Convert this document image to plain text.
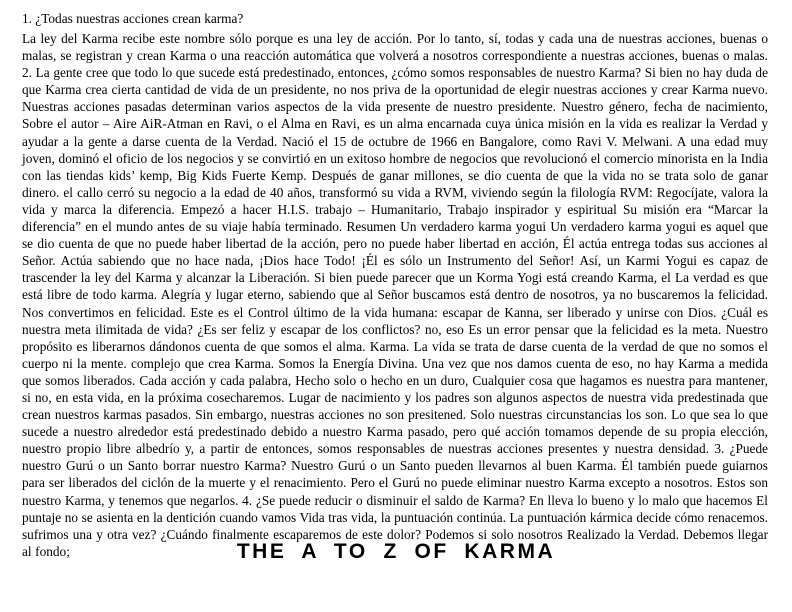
1. ¿Todas nuestras acciones crean karma?

La ley del Karma recibe este nombre sólo porque es una ley de acción. Por lo tanto, sí, todas y cada una de nuestras acciones, buenas o malas, se registran y crean Karma o una reacción automática que volverá a nosotros correspondiente a nuestras acciones, buenas o malas. 2. La gente cree que todo lo que sucede está predestinado, entonces, ¿cómo somos responsables de nuestro Karma? Si bien no hay duda de que Karma crea cierta cantidad de vida de un presidente, no nos priva de la oportunidad de elegir nuestras acciones y crear Karma nuevo. Nuestras acciones pasadas determinan varios aspectos de la vida presente de nuestro presidente. Nuestro género, fecha de nacimiento, Sobre el autor – Aire AiR-Atman en Ravi, o el Alma en Ravi, es un alma encarnada cuya única misión en la vida es realizar la Verdad y ayudar a la gente a darse cuenta de la Verdad. Nació el 15 de octubre de 1966 en Bangalore, como Ravi V. Melwani. A una edad muy joven, dominó el oficio de los negocios y se convirtió en un exitoso hombre de negocios que revolucionó el comercio minorista en la India con las tiendas kids’ kemp, Big Kids Fuerte Kemp. Después de ganar millones, se dio cuenta de que la vida no se trata solo de ganar dinero. el callo cerró su negocio a la edad de 40 años, transformó su vida a RVM, viviendo según la filología RVM: Regocíjate, valora la vida y marca la diferencia. Empezó a hacer H.I.S. trabajo – Humanitario, Trabajo inspirador y espiritual Su misión era “Marcar la diferencia” en el mundo antes de su viaje había terminado. Resumen Un verdadero karma yogui Un verdadero karma yogui es aquel que se dio cuenta de que no puede haber libertad de la acción, pero no puede haber libertad en acción, Él actúa entrega todas sus acciones al Señor. Actúa sabiendo que no hace nada, ¡Dios hace Todo! ¡Él es sólo un Instrumento del Señor! Así, un Karmi Yogui es capaz de trascender la ley del Karma y alcanzar la Liberación. Si bien puede parecer que un Korma Yogi está creando Karma, el La verdad es que está libre de todo karma. Alegría y lugar eterno, sabiendo que al Señor buscamos está dentro de nosotros, ya no buscaremos la felicidad. Nos convertimos en felicidad. Este es el Control último de la vida humana: escapar de Kanna, ser liberado y unirse con Dios. ¿Cuál es nuestra meta ilimitada de vida? ¿Es ser feliz y escapar de los conflictos? no, eso Es un error pensar que la felicidad es la meta. Nuestro propósito es liberarnos dándonos cuenta de que somos el alma. Karma. La vida se trata de darse cuenta de la verdad de que no somos el cuerpo ni la mente. complejo que crea Karma. Somos la Energía Divina. Una vez que nos damos cuenta de eso, no hay Karma a medida que somos liberados. Cada acción y cada palabra, Hecho solo o hecho en un duro, Cualquier cosa que hagamos es nuestra para mantener, si no, en esta vida, en la próxima cosecharemos. Lugar de nacimiento y los padres son algunos aspectos de nuestra vida predestinada que crean nuestros karmas pasados. Sin embargo, nuestras acciones no son presitened. Solo nuestras circunstancias los son. Lo que sea lo que sucede a nuestro alrededor está predestinado debido a nuestro Karma pasado, pero qué acción tomamos depende de su propia elección, nuestro propio libre albedrío y, a partir de entonces, somos responsables de nuestras acciones presentes y nuestra densidad. 3. ¿Puede nuestro Gurú o un Santo borrar nuestro Karma? Nuestro Gurú o un Santo pueden llevarnos al buen Karma. Él también puede guiarnos para ser liberados del ciclón de la muerte y el renacimiento. Pero el Gurú no puede eliminar nuestro Karma excepto a nosotros. Estos son nuestro Karma, y tenemos que negarlos. 4. ¿Se puede reducir o disminuir el saldo de Karma? En lleva lo bueno y lo malo que hacemos El puntaje no se asienta en la dentición cuando vamos Vida tras vida, la puntuación continúa. La puntuación kármica decide cómo renacemos. sufrimos una y otra vez? ¿Cuándo finalmente escaparemos de este dolor? Podemos si solo nosotros Realizado la Verdad. Debemos llegar al fondo;	THE A TO Z OF KARMA
